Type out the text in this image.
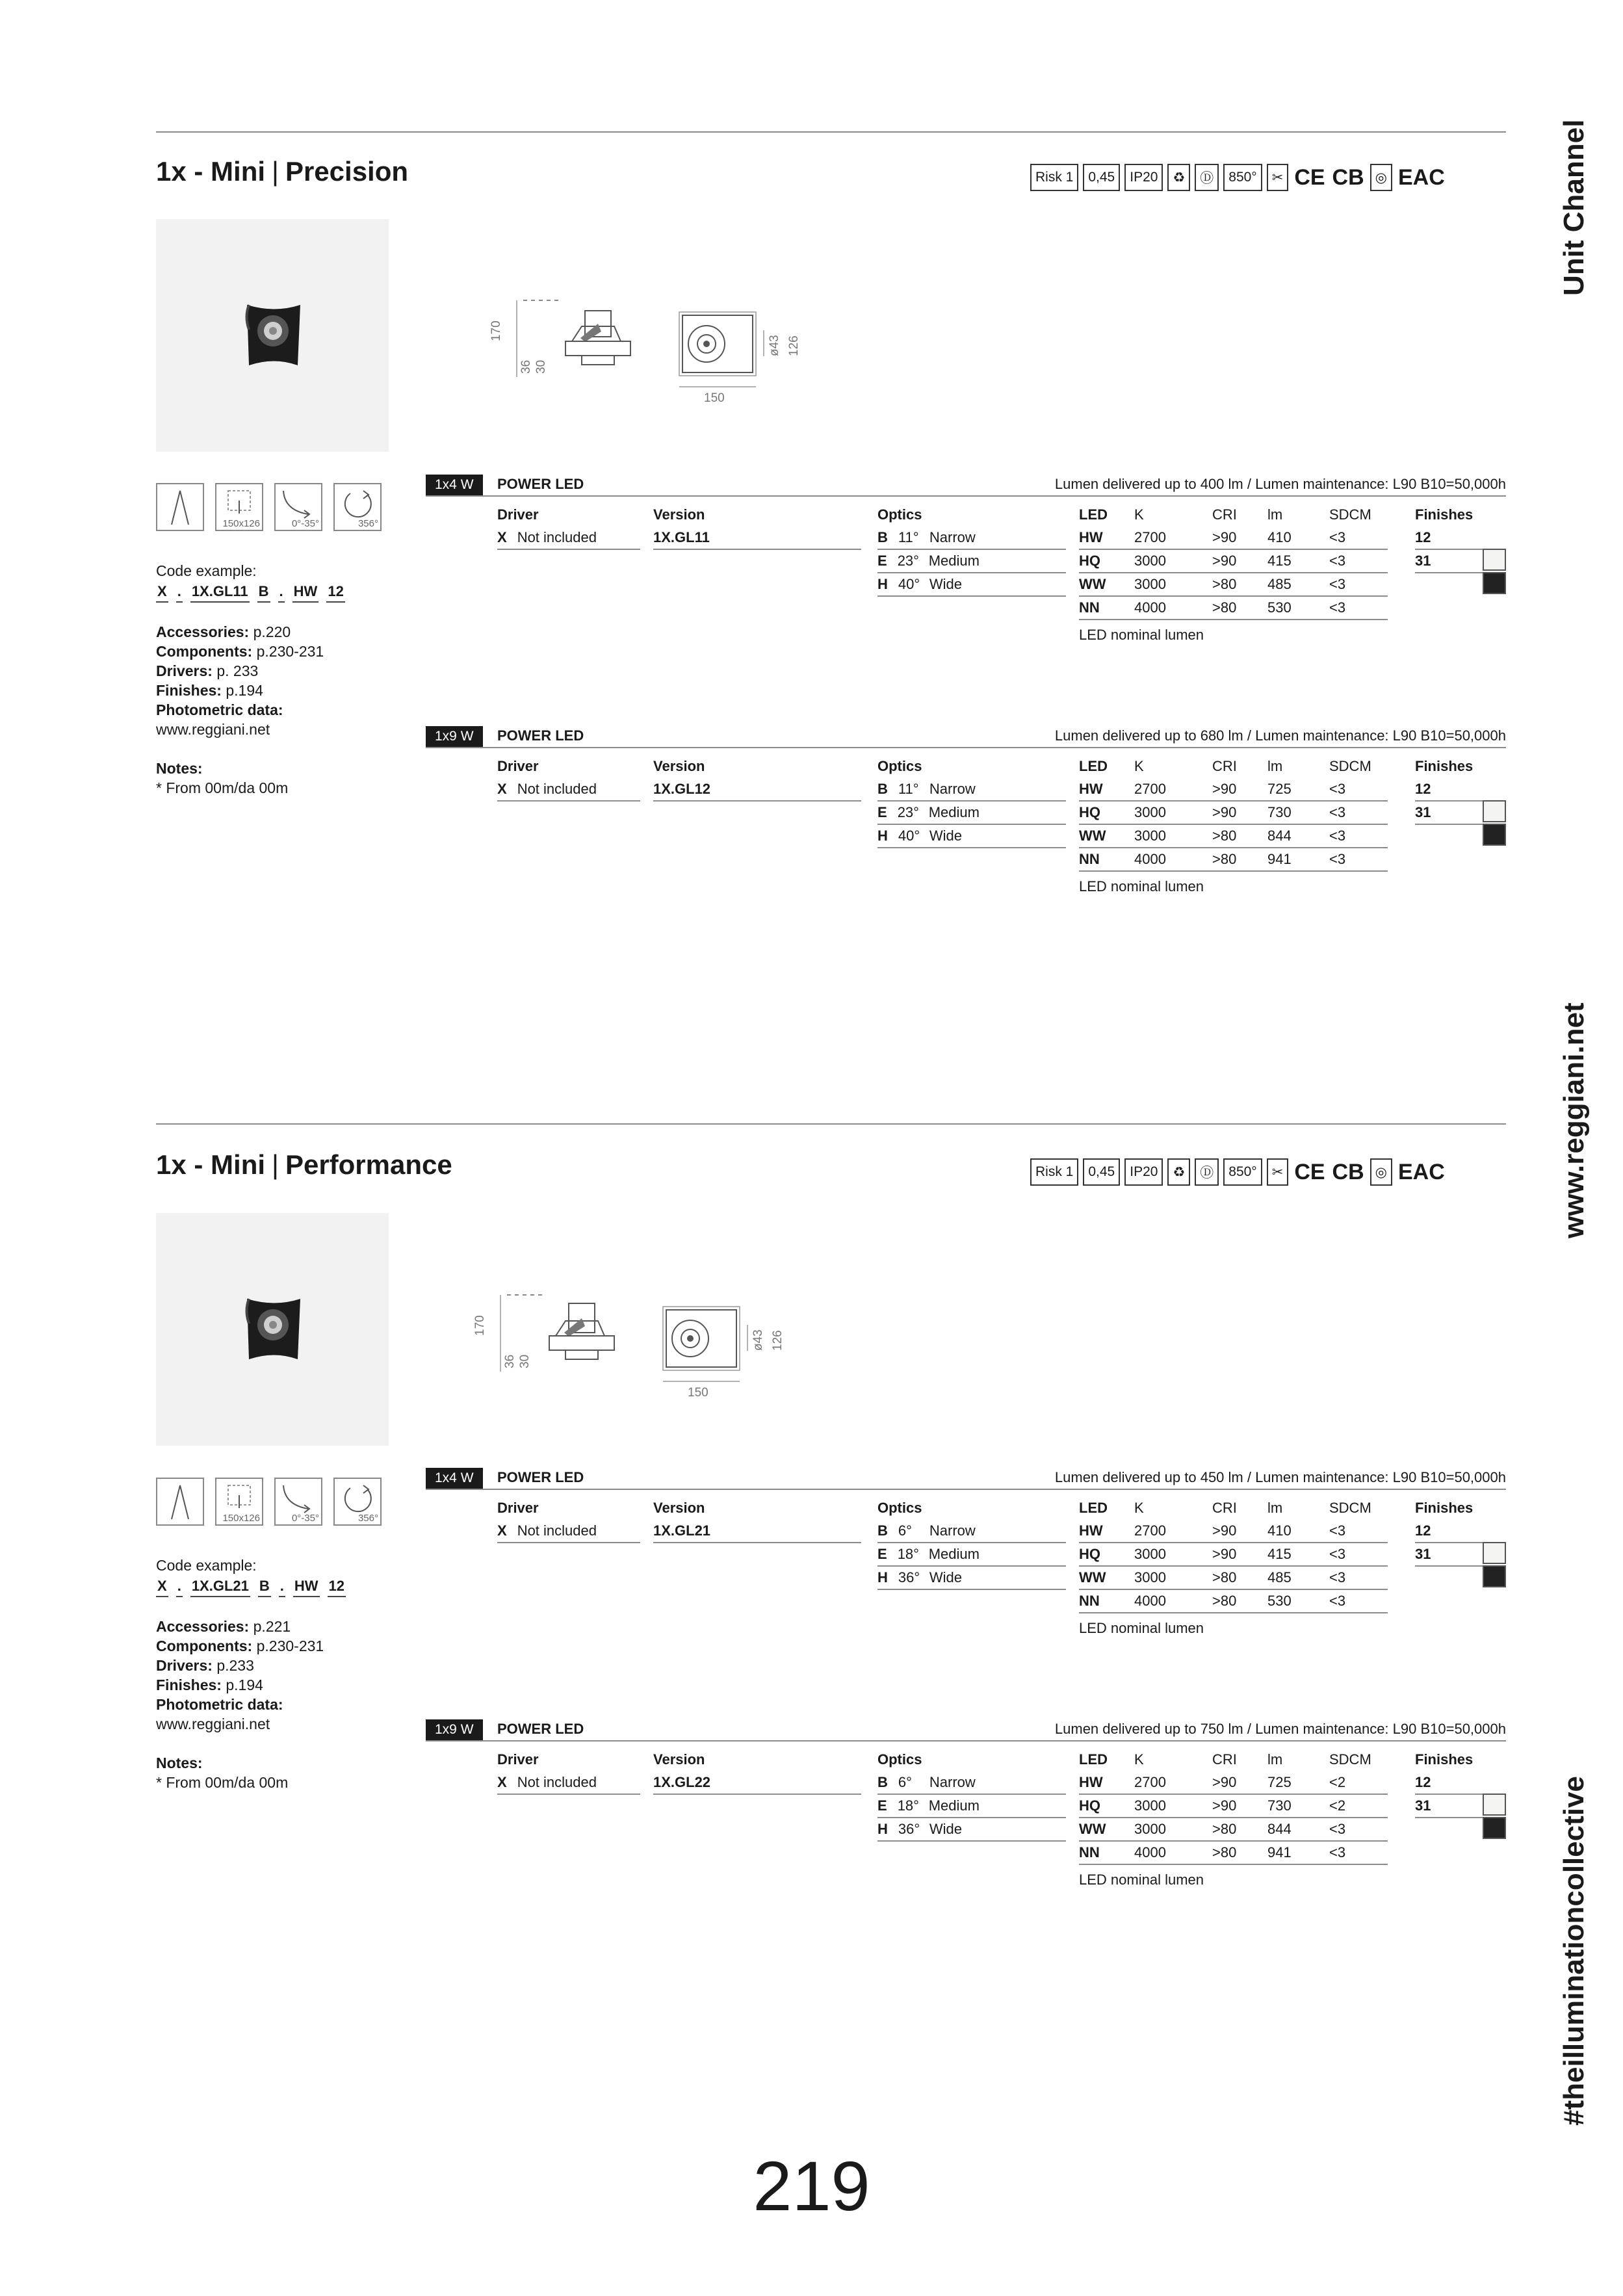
Unit Channel
www.reggiani.net
#theilluminationcollective
1x - Mini | Precision	Risk 1	0,45	IP20	♻	Ⓓ	850°	✂ CE CB ◎ EAC
170
36 30
150
ø43 126
150x126	0°-35°	356°
Code example:
X . 1X.GL11 B . HW 12
Accessories: p.220
Components: p.230-231
Drivers: p. 233
Finishes: p.194
Photometric data:
www.reggiani.net
Notes:
* From 00m/da 00m
1x4 W	POWER LED	Lumen delivered up to 400 lm / Lumen maintenance: L90 B10=50,000h
Driver
X Not included
Version
1X.GL11
Optics
B 11° Narrow
E 23° Medium
H 40° Wide
LED	K	CRI	lm	SDCM
HW	2700	>90	410	<3
HQ	3000	>90	415	<3
WW	3000	>80	485	<3
NN	4000	>80	530	<3
LED nominal lumen
Finishes
12
31
1x9 W	POWER LED	Lumen delivered up to 680 lm / Lumen maintenance: L90 B10=50,000h
Driver
X Not included
Version
1X.GL12
Optics
B 11° Narrow
E 23° Medium
H 40° Wide
LED	K	CRI	lm	SDCM
HW	2700	>90	725	<3
HQ	3000	>90	730	<3
WW	3000	>80	844	<3
NN	4000	>80	941	<3
LED nominal lumen
Finishes
12
31
1x - Mini | Performance	Risk 1	0,45	IP20	♻	Ⓓ	850°	✂ CE CB ◎ EAC
170
36 30
150
ø43 126
150x126	0°-35°	356°
Code example:
X . 1X.GL21 B . HW 12
Accessories: p.221
Components: p.230-231
Drivers: p.233
Finishes: p.194
Photometric data:
www.reggiani.net
Notes:
* From 00m/da 00m
1x4 W	POWER LED	Lumen delivered up to 450 lm / Lumen maintenance: L90 B10=50,000h
Driver
X Not included
Version
1X.GL21
Optics
B 6° Narrow
E 18° Medium
H 36° Wide
LED	K	CRI	lm	SDCM
HW	2700	>90	410	<3
HQ	3000	>90	415	<3
WW	3000	>80	485	<3
NN	4000	>80	530	<3
LED nominal lumen
Finishes
12
31
1x9 W	POWER LED	Lumen delivered up to 750 lm / Lumen maintenance: L90 B10=50,000h
Driver
X Not included
Version
1X.GL22
Optics
B 6° Narrow
E 18° Medium
H 36° Wide
LED	K	CRI	lm	SDCM
HW	2700	>90	725	<2
HQ	3000	>90	730	<2
WW	3000	>80	844	<3
NN	4000	>80	941	<3
LED nominal lumen
Finishes
12
31
219
